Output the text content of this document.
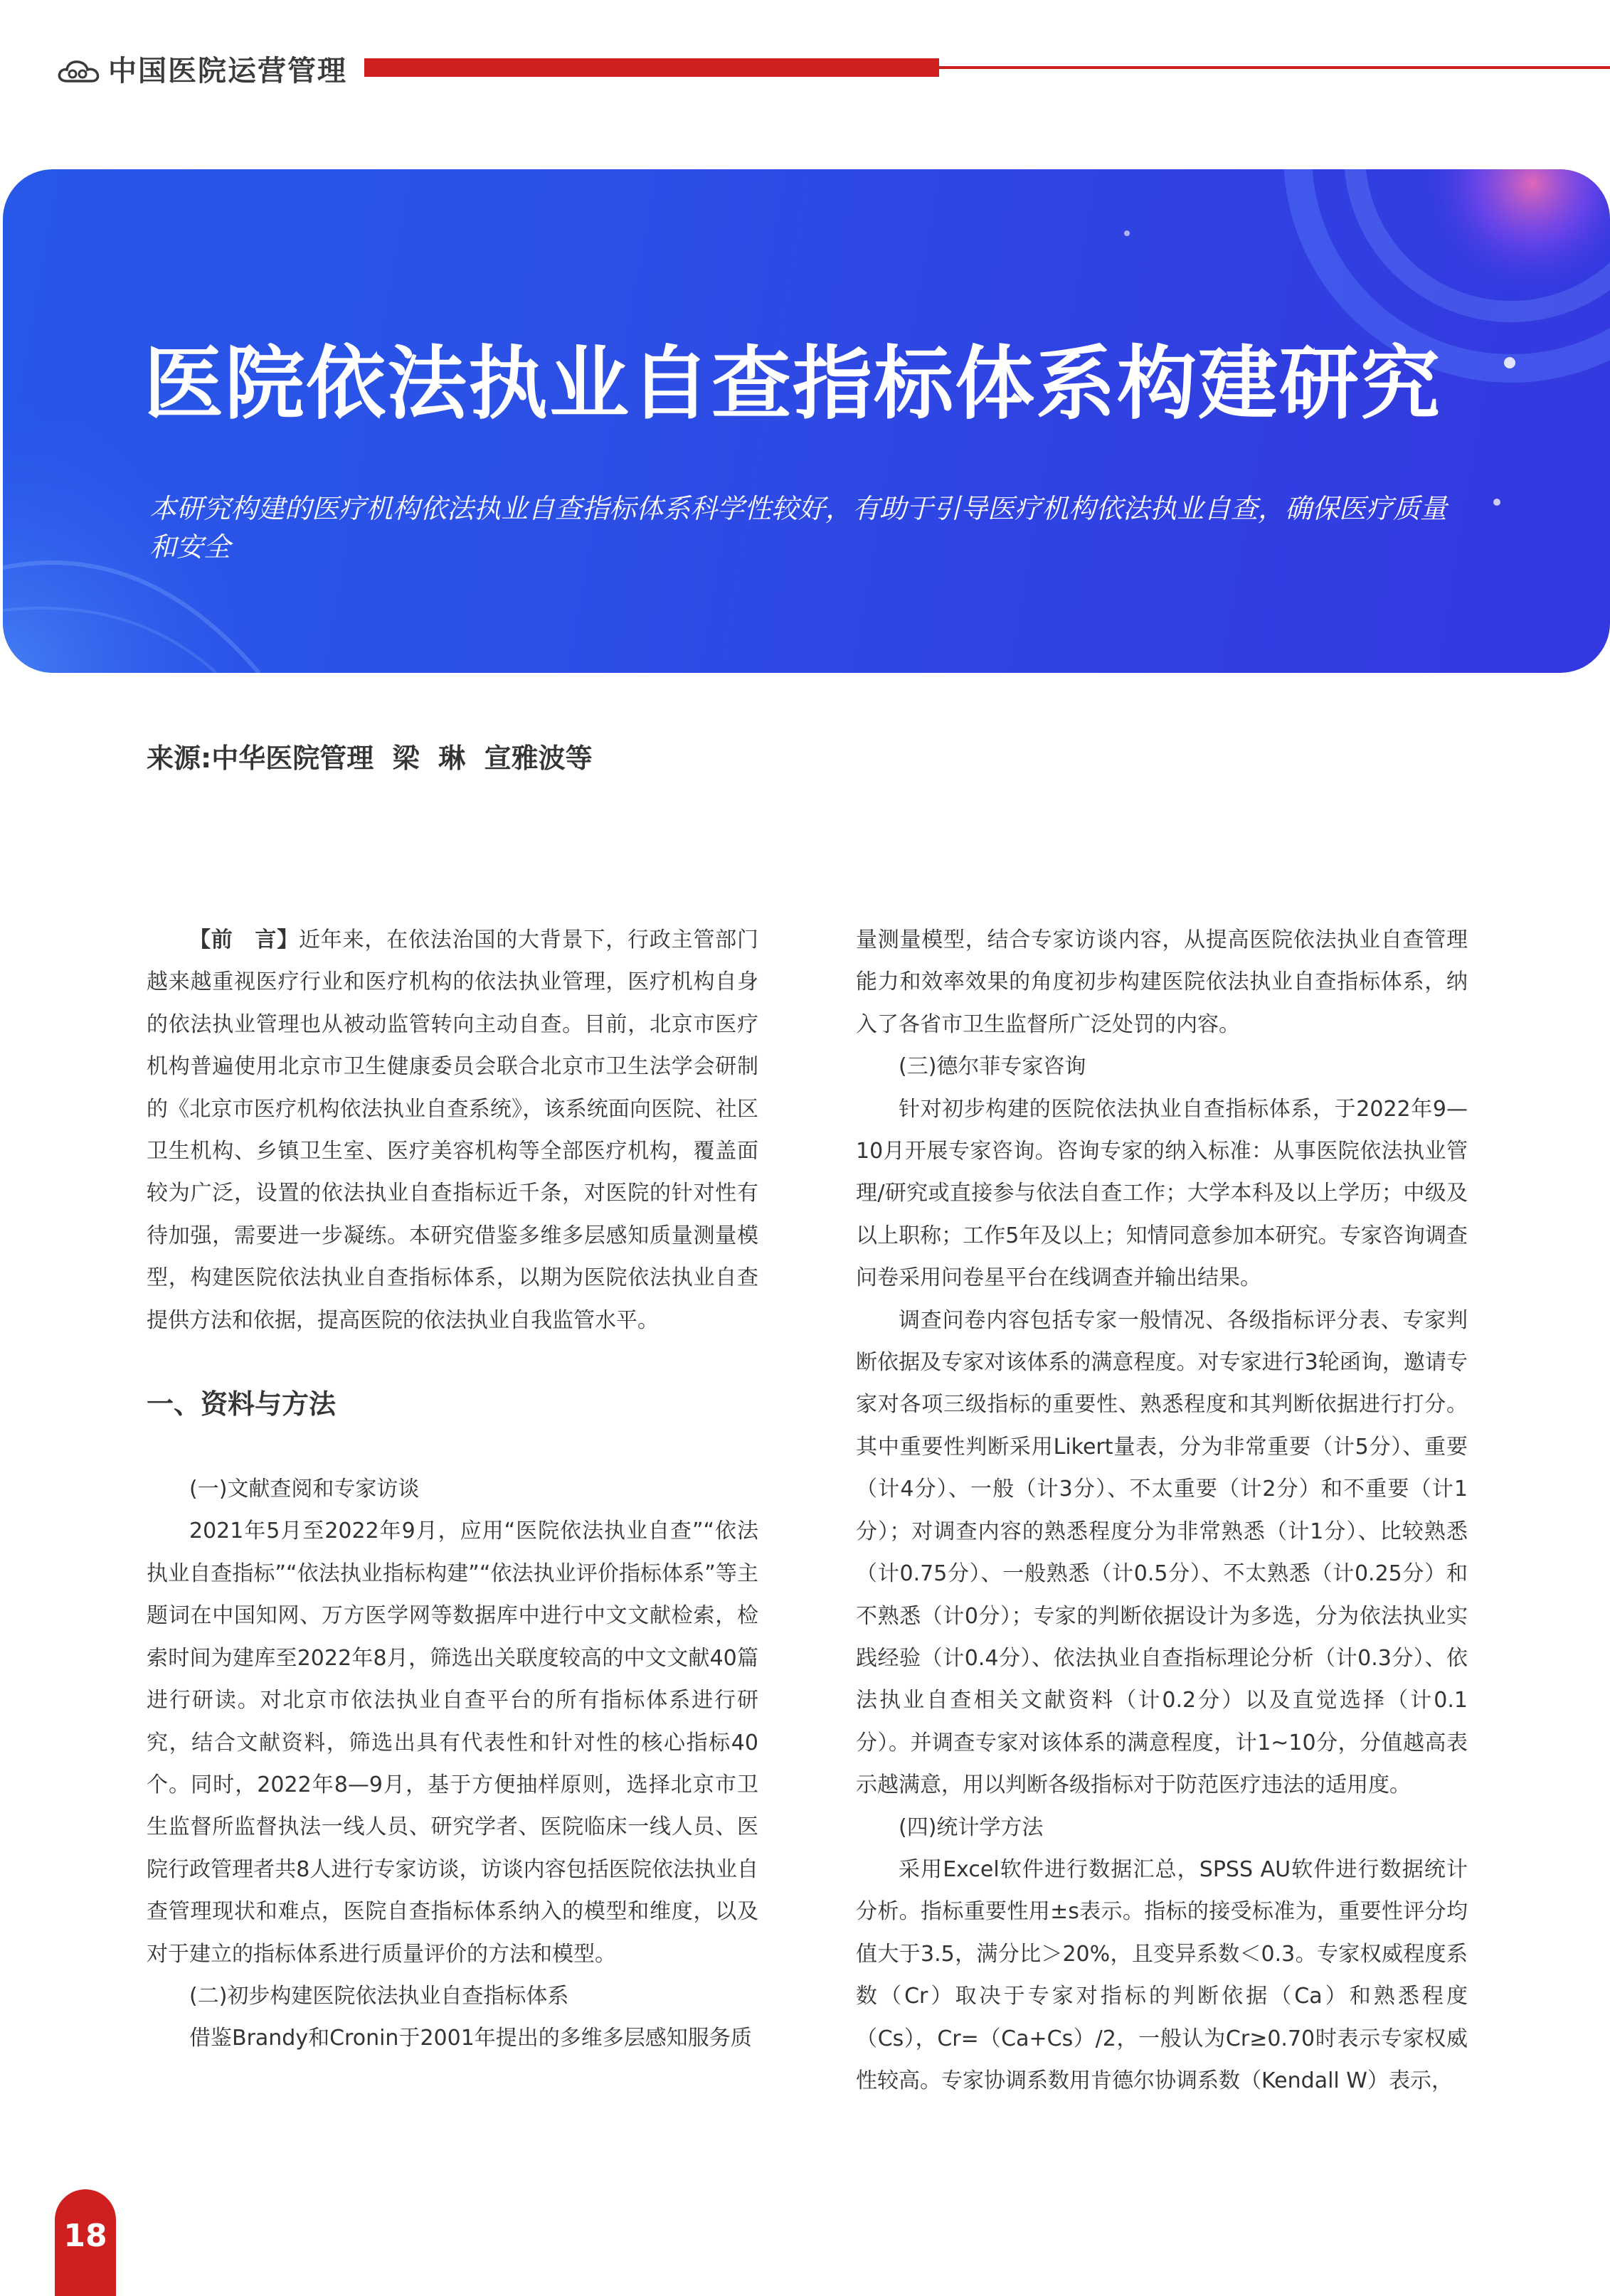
中国医院运营管理
医院依法执业自查指标体系构建研究
本研究构建的医疗机构依法执业自查指标体系科学性较好，有助于引导医疗机构依法执业自查，确保医疗质量和安全
来源:中华医院管理  梁  琳  宣雅波等

【前　言】近年来，在依法治国的大背景下，行政主管部门越来越重视医疗行业和医疗机构的依法执业管理，医疗机构自身的依法执业管理也从被动监管转向主动自查。目前，北京市医疗机构普遍使用北京市卫生健康委员会联合北京市卫生法学会研制的《北京市医疗机构依法执业自查系统》，该系统面向医院、社区卫生机构、乡镇卫生室、医疗美容机构等全部医疗机构，覆盖面较为广泛，设置的依法执业自查指标近千条，对医院的针对性有待加强，需要进一步凝练。本研究借鉴多维多层感知质量测量模型，构建医院依法执业自查指标体系，以期为医院依法执业自查提供方法和依据，提高医院的依法执业自我监管水平。

一、资料与方法

(一)文献查阅和专家访谈

2021年5月至2022年9月，应用“医院依法执业自查”“依法执业自查指标”“依法执业指标构建”“依法执业评价指标体系”等主题词在中国知网、万方医学网等数据库中进行中文文献检索，检索时间为建库至2022年8月，筛选出关联度较高的中文文献40篇进行研读。对北京市依法执业自查平台的所有指标体系进行研究，结合文献资料，筛选出具有代表性和针对性的核心指标40个。同时，2022年8—9月，基于方便抽样原则，选择北京市卫生监督所监督执法一线人员、研究学者、医院临床一线人员、医院行政管理者共8人进行专家访谈，访谈内容包括医院依法执业自查管理现状和难点，医院自查指标体系纳入的模型和维度，以及对于建立的指标体系进行质量评价的方法和模型。

(二)初步构建医院依法执业自查指标体系

借鉴Brandy和Cronin于2001年提出的多维多层感知服务质

量测量模型，结合专家访谈内容，从提高医院依法执业自查管理能力和效率效果的角度初步构建医院依法执业自查指标体系，纳入了各省市卫生监督所广泛处罚的内容。

(三)德尔菲专家咨询

针对初步构建的医院依法执业自查指标体系，于2022年9—10月开展专家咨询。咨询专家的纳入标准：从事医院依法执业管理/研究或直接参与依法自查工作；大学本科及以上学历；中级及以上职称；工作5年及以上；知情同意参加本研究。专家咨询调查问卷采用问卷星平台在线调查并输出结果。

调查问卷内容包括专家一般情况、各级指标评分表、专家判断依据及专家对该体系的满意程度。对专家进行3轮函询，邀请专家对各项三级指标的重要性、熟悉程度和其判断依据进行打分。其中重要性判断采用Likert量表，分为非常重要（计5分）、重要（计4分）、一般（计3分）、不太重要（计2分）和不重要（计1分）；对调查内容的熟悉程度分为非常熟悉（计1分）、比较熟悉（计0.75分）、一般熟悉（计0.5分）、不太熟悉（计0.25分）和不熟悉（计0分）；专家的判断依据设计为多选，分为依法执业实践经验（计0.4分）、依法执业自查指标理论分析（计0.3分）、依法执业自查相关文献资料（计0.2分）以及直觉选择（计0.1分）。并调查专家对该体系的满意程度，计1~10分，分值越高表示越满意，用以判断各级指标对于防范医疗违法的适用度。

(四)统计学方法

采用Excel软件进行数据汇总，SPSS AU软件进行数据统计分析。指标重要性用±s表示。指标的接受标准为，重要性评分均值大于3.5，满分比＞20%，且变异系数＜0.3。专家权威程度系数（Cr）取决于专家对指标的判断依据（Ca）和熟悉程度（Cs），Cr=（Ca+Cs）/2，一般认为Cr≥0.70时表示专家权威性较高。专家协调系数用肯德尔协调系数（Kendall W）表示，

18
